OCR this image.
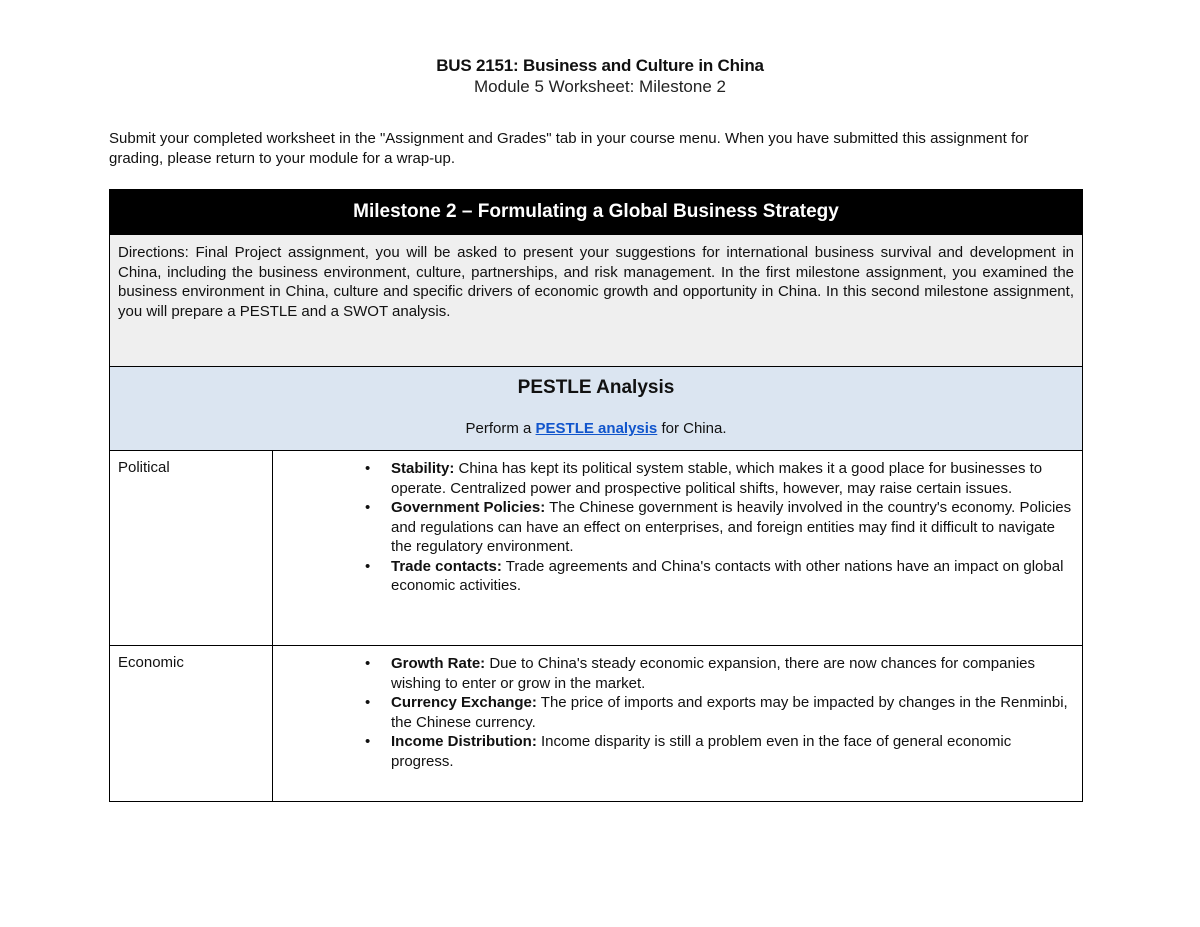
BUS 2151: Business and Culture in China
Module 5 Worksheet: Milestone 2
Submit your completed worksheet in the "Assignment and Grades" tab in your course menu. When you have submitted this assignment for grading, please return to your module for a wrap-up.
Milestone 2 – Formulating a Global Business Strategy
Directions: Final Project assignment, you will be asked to present your suggestions for international business survival and development in China, including the business environment, culture, partnerships, and risk management. In the first milestone assignment, you examined the business environment in China, culture and specific drivers of economic growth and opportunity in China. In this second milestone assignment, you will prepare a PESTLE and a SWOT analysis.
PESTLE Analysis
Perform a PESTLE analysis for China.
Political	• Stability: China has kept its political system stable, which makes it a good place for businesses to operate. Centralized power and prospective political shifts, however, may raise certain issues.
• Government Policies: The Chinese government is heavily involved in the country's economy. Policies and regulations can have an effect on enterprises, and foreign entities may find it difficult to navigate the regulatory environment.
• Trade contacts: Trade agreements and China's contacts with other nations have an impact on global economic activities.
Economic	• Growth Rate: Due to China's steady economic expansion, there are now chances for companies wishing to enter or grow in the market.
• Currency Exchange: The price of imports and exports may be impacted by changes in the Renminbi, the Chinese currency.
• Income Distribution: Income disparity is still a problem even in the face of general economic progress.
